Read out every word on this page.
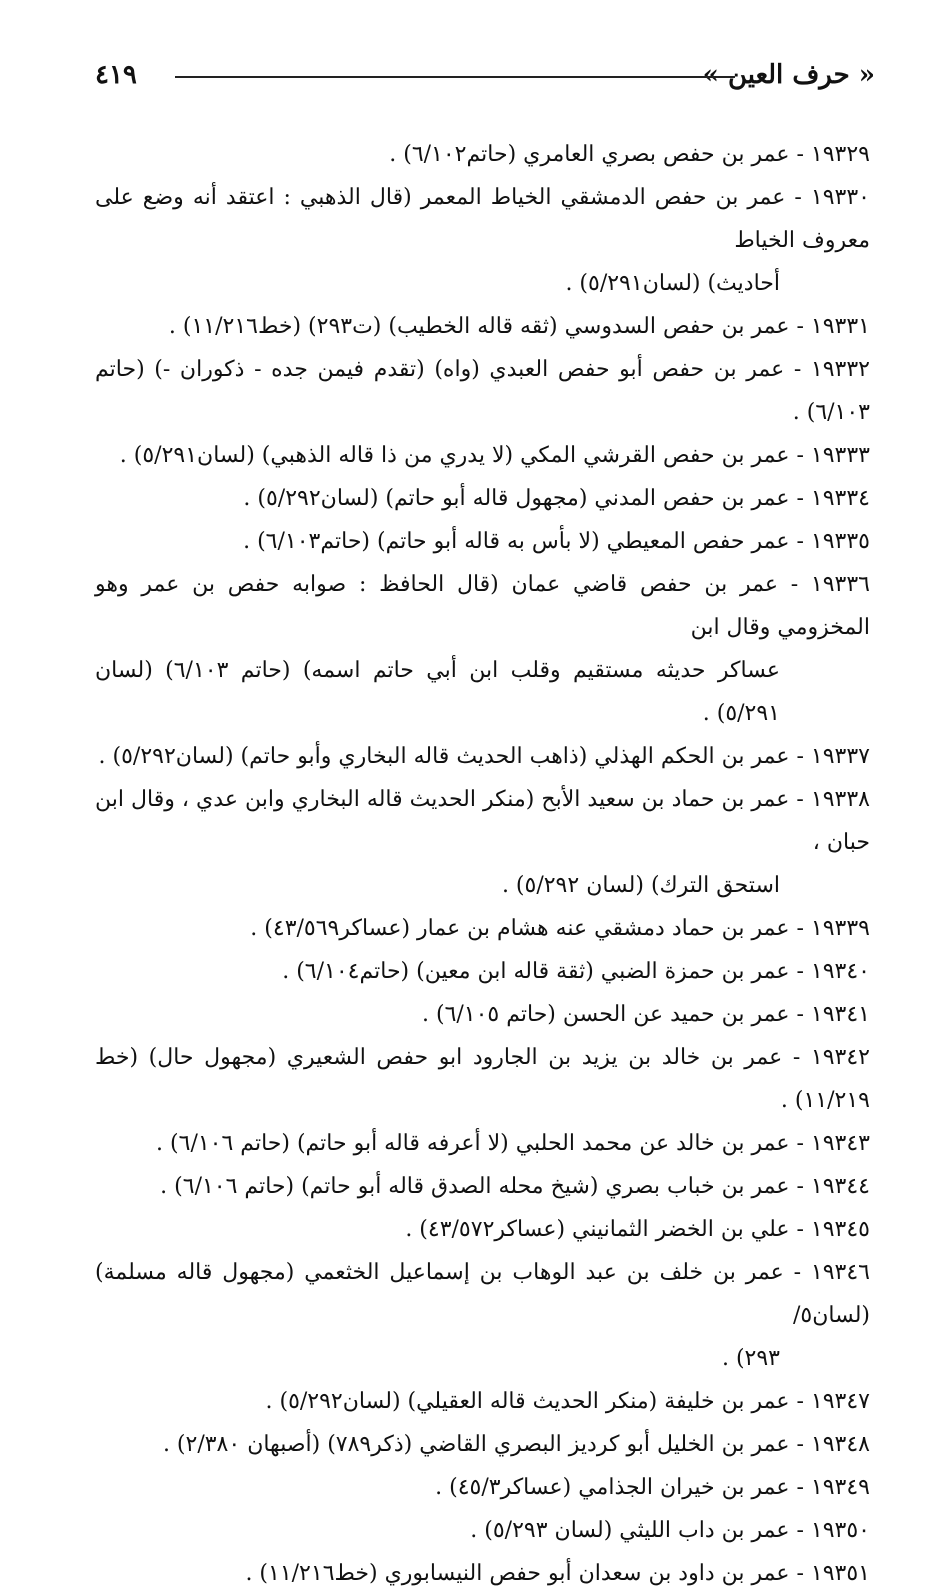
« حرف العين »
٤١٩

١٩٣٢٩ - عمر بن حفص بصري العامري (حاتم٦/١٠٢) .

١٩٣٣٠ - عمر بن حفص الدمشقي الخياط المعمر (قال الذهبي : اعتقد أنه وضع على معروف الخياط
أحاديث) (لسان٥/٢٩١) .

١٩٣٣١ - عمر بن حفص السدوسي (ثقه قاله الخطيب) (ت٢٩٣) (خط١١/٢١٦) .

١٩٣٣٢ - عمر بن حفص أبو حفص العبدي (واه) (تقدم فيمن جده - ذكوران -) (حاتم ٦/١٠٣) .

١٩٣٣٣ - عمر بن حفص القرشي المكي (لا يدري من ذا قاله الذهبي) (لسان٥/٢٩١) .

١٩٣٣٤ - عمر بن حفص المدني (مجهول قاله أبو حاتم) (لسان٥/٢٩٢) .

١٩٣٣٥ - عمر حفص المعيطي (لا بأس به قاله أبو حاتم) (حاتم٦/١٠٣) .

١٩٣٣٦ - عمر بن حفص قاضي عمان (قال الحافظ : صوابه حفص بن عمر وهو المخزومي وقال ابن
عساكر حديثه مستقيم وقلب ابن أبي حاتم اسمه) (حاتم ٦/١٠٣) (لسان ٥/٢٩١) .

١٩٣٣٧ - عمر بن الحكم الهذلي (ذاهب الحديث قاله البخاري وأبو حاتم) (لسان٥/٢٩٢) .

١٩٣٣٨ - عمر بن حماد بن سعيد الأبح (منكر الحديث قاله البخاري وابن عدي ، وقال ابن حبان ،
استحق الترك) (لسان ٥/٢٩٢) .

١٩٣٣٩ - عمر بن حماد دمشقي عنه هشام بن عمار (عساكر٤٣/٥٦٩) .

١٩٣٤٠ - عمر بن حمزة الضبي (ثقة قاله ابن معين) (حاتم٦/١٠٤) .

١٩٣٤١ - عمر بن حميد عن الحسن (حاتم ٦/١٠٥) .

١٩٣٤٢ - عمر بن خالد بن يزيد بن الجارود ابو حفص الشعيري (مجهول حال) (خط ١١/٢١٩) .

١٩٣٤٣ - عمر بن خالد عن محمد الحلبي (لا أعرفه قاله أبو حاتم) (حاتم ٦/١٠٦) .

١٩٣٤٤ - عمر بن خباب بصري (شيخ محله الصدق قاله أبو حاتم) (حاتم ٦/١٠٦) .

١٩٣٤٥ - علي بن الخضر الثمانيني (عساكر٤٣/٥٧٢) .

١٩٣٤٦ - عمر بن خلف بن عبد الوهاب بن إسماعيل الخثعمي (مجهول قاله مسلمة) (لسان٥/
٢٩٣) .

١٩٣٤٧ - عمر بن خليفة (منكر الحديث قاله العقيلي) (لسان٥/٢٩٢) .

١٩٣٤٨ - عمر بن الخليل أبو كرديز البصري القاضي (ذكر٧٨٩) (أصبهان ٢/٣٨٠) .

١٩٣٤٩ - عمر بن خيران الجذامي (عساكر٤٥/٣) .

١٩٣٥٠ - عمر بن داب الليثي (لسان ٥/٢٩٣) .

١٩٣٥١ - عمر بن داود بن سعدان أبو حفص النيسابوري (خط١١/٢١٦) .
